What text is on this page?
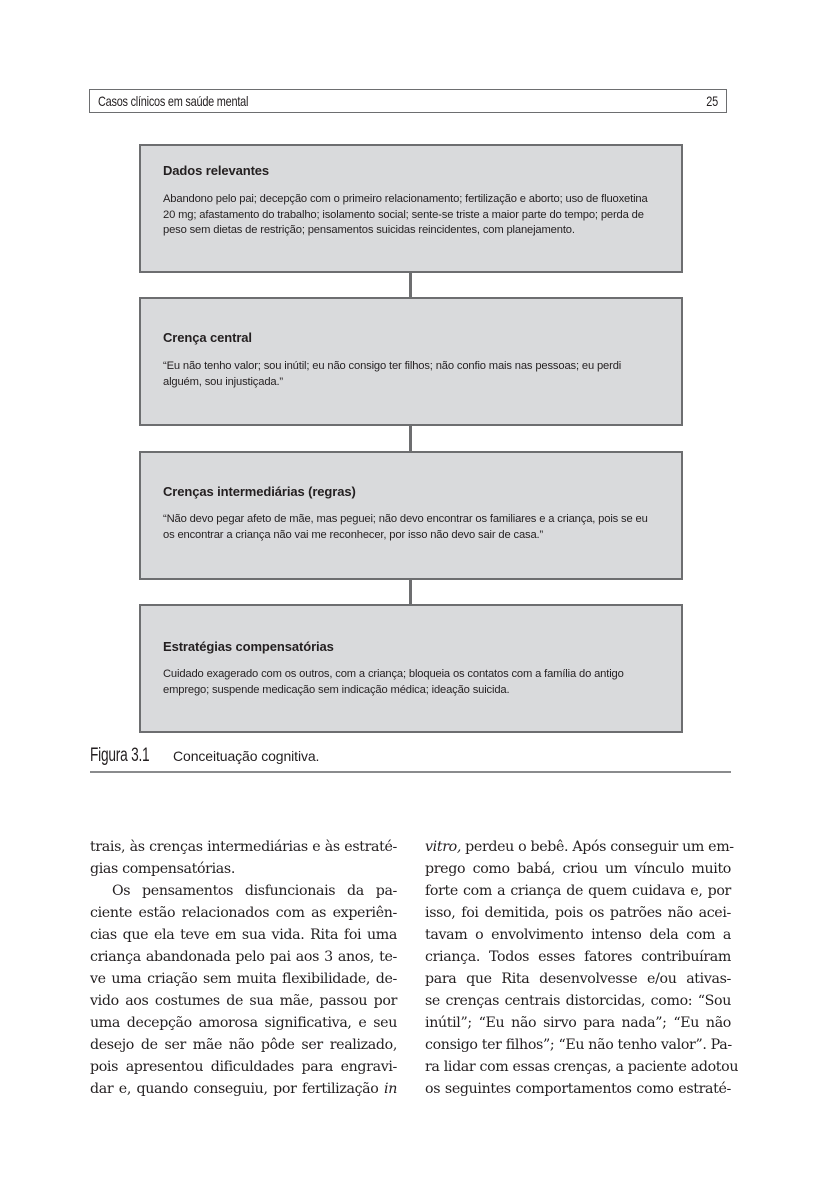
Casos clínicos em saúde mental	25
Dados relevantes

Abandono pelo pai; decepção com o primeiro relacionamento; fertilização e aborto; uso de fluoxetina 20 mg; afastamento do trabalho; isolamento social; sente-se triste a maior parte do tempo; perda de peso sem dietas de restrição; pensamentos suicidas reincidentes, com planejamento.

Crença central

“Eu não tenho valor; sou inútil; eu não consigo ter filhos; não confio mais nas pessoas; eu perdi alguém, sou injustiçada.”

Crenças intermediárias (regras)

“Não devo pegar afeto de mãe, mas peguei; não devo encontrar os familiares e a criança, pois se eu os encontrar a criança não vai me reconhecer, por isso não devo sair de casa.”

Estratégias compensatórias

Cuidado exagerado com os outros, com a criança; bloqueia os contatos com a família do antigo emprego; suspende medicação sem indicação médica; ideação suicida.

Figura 3.1 Conceituação cognitiva.
trais, às crenças intermediárias e às estraté-
gias compensatórias.
Os pensamentos disfuncionais da pa-
ciente estão relacionados com as experiên-
cias que ela teve em sua vida. Rita foi uma
criança abandonada pelo pai aos 3 anos, te-
ve uma criação sem muita flexibilidade, de-
vido aos costumes de sua mãe, passou por
uma decepção amorosa significativa, e seu
desejo de ser mãe não pôde ser realizado,
pois apresentou dificuldades para engravi-
dar e, quando conseguiu, por fertilização in
vitro, perdeu o bebê. Após conseguir um em-
prego como babá, criou um vínculo muito
forte com a criança de quem cuidava e, por
isso, foi demitida, pois os patrões não acei-
tavam o envolvimento intenso dela com a
criança. Todos esses fatores contribuíram
para que Rita desenvolvesse e/ou ativas-
se crenças centrais distorcidas, como: “Sou
inútil”; “Eu não sirvo para nada”; “Eu não
consigo ter filhos”; “Eu não tenho valor”. Pa-
ra lidar com essas crenças, a paciente adotou
os seguintes comportamentos como estraté-
